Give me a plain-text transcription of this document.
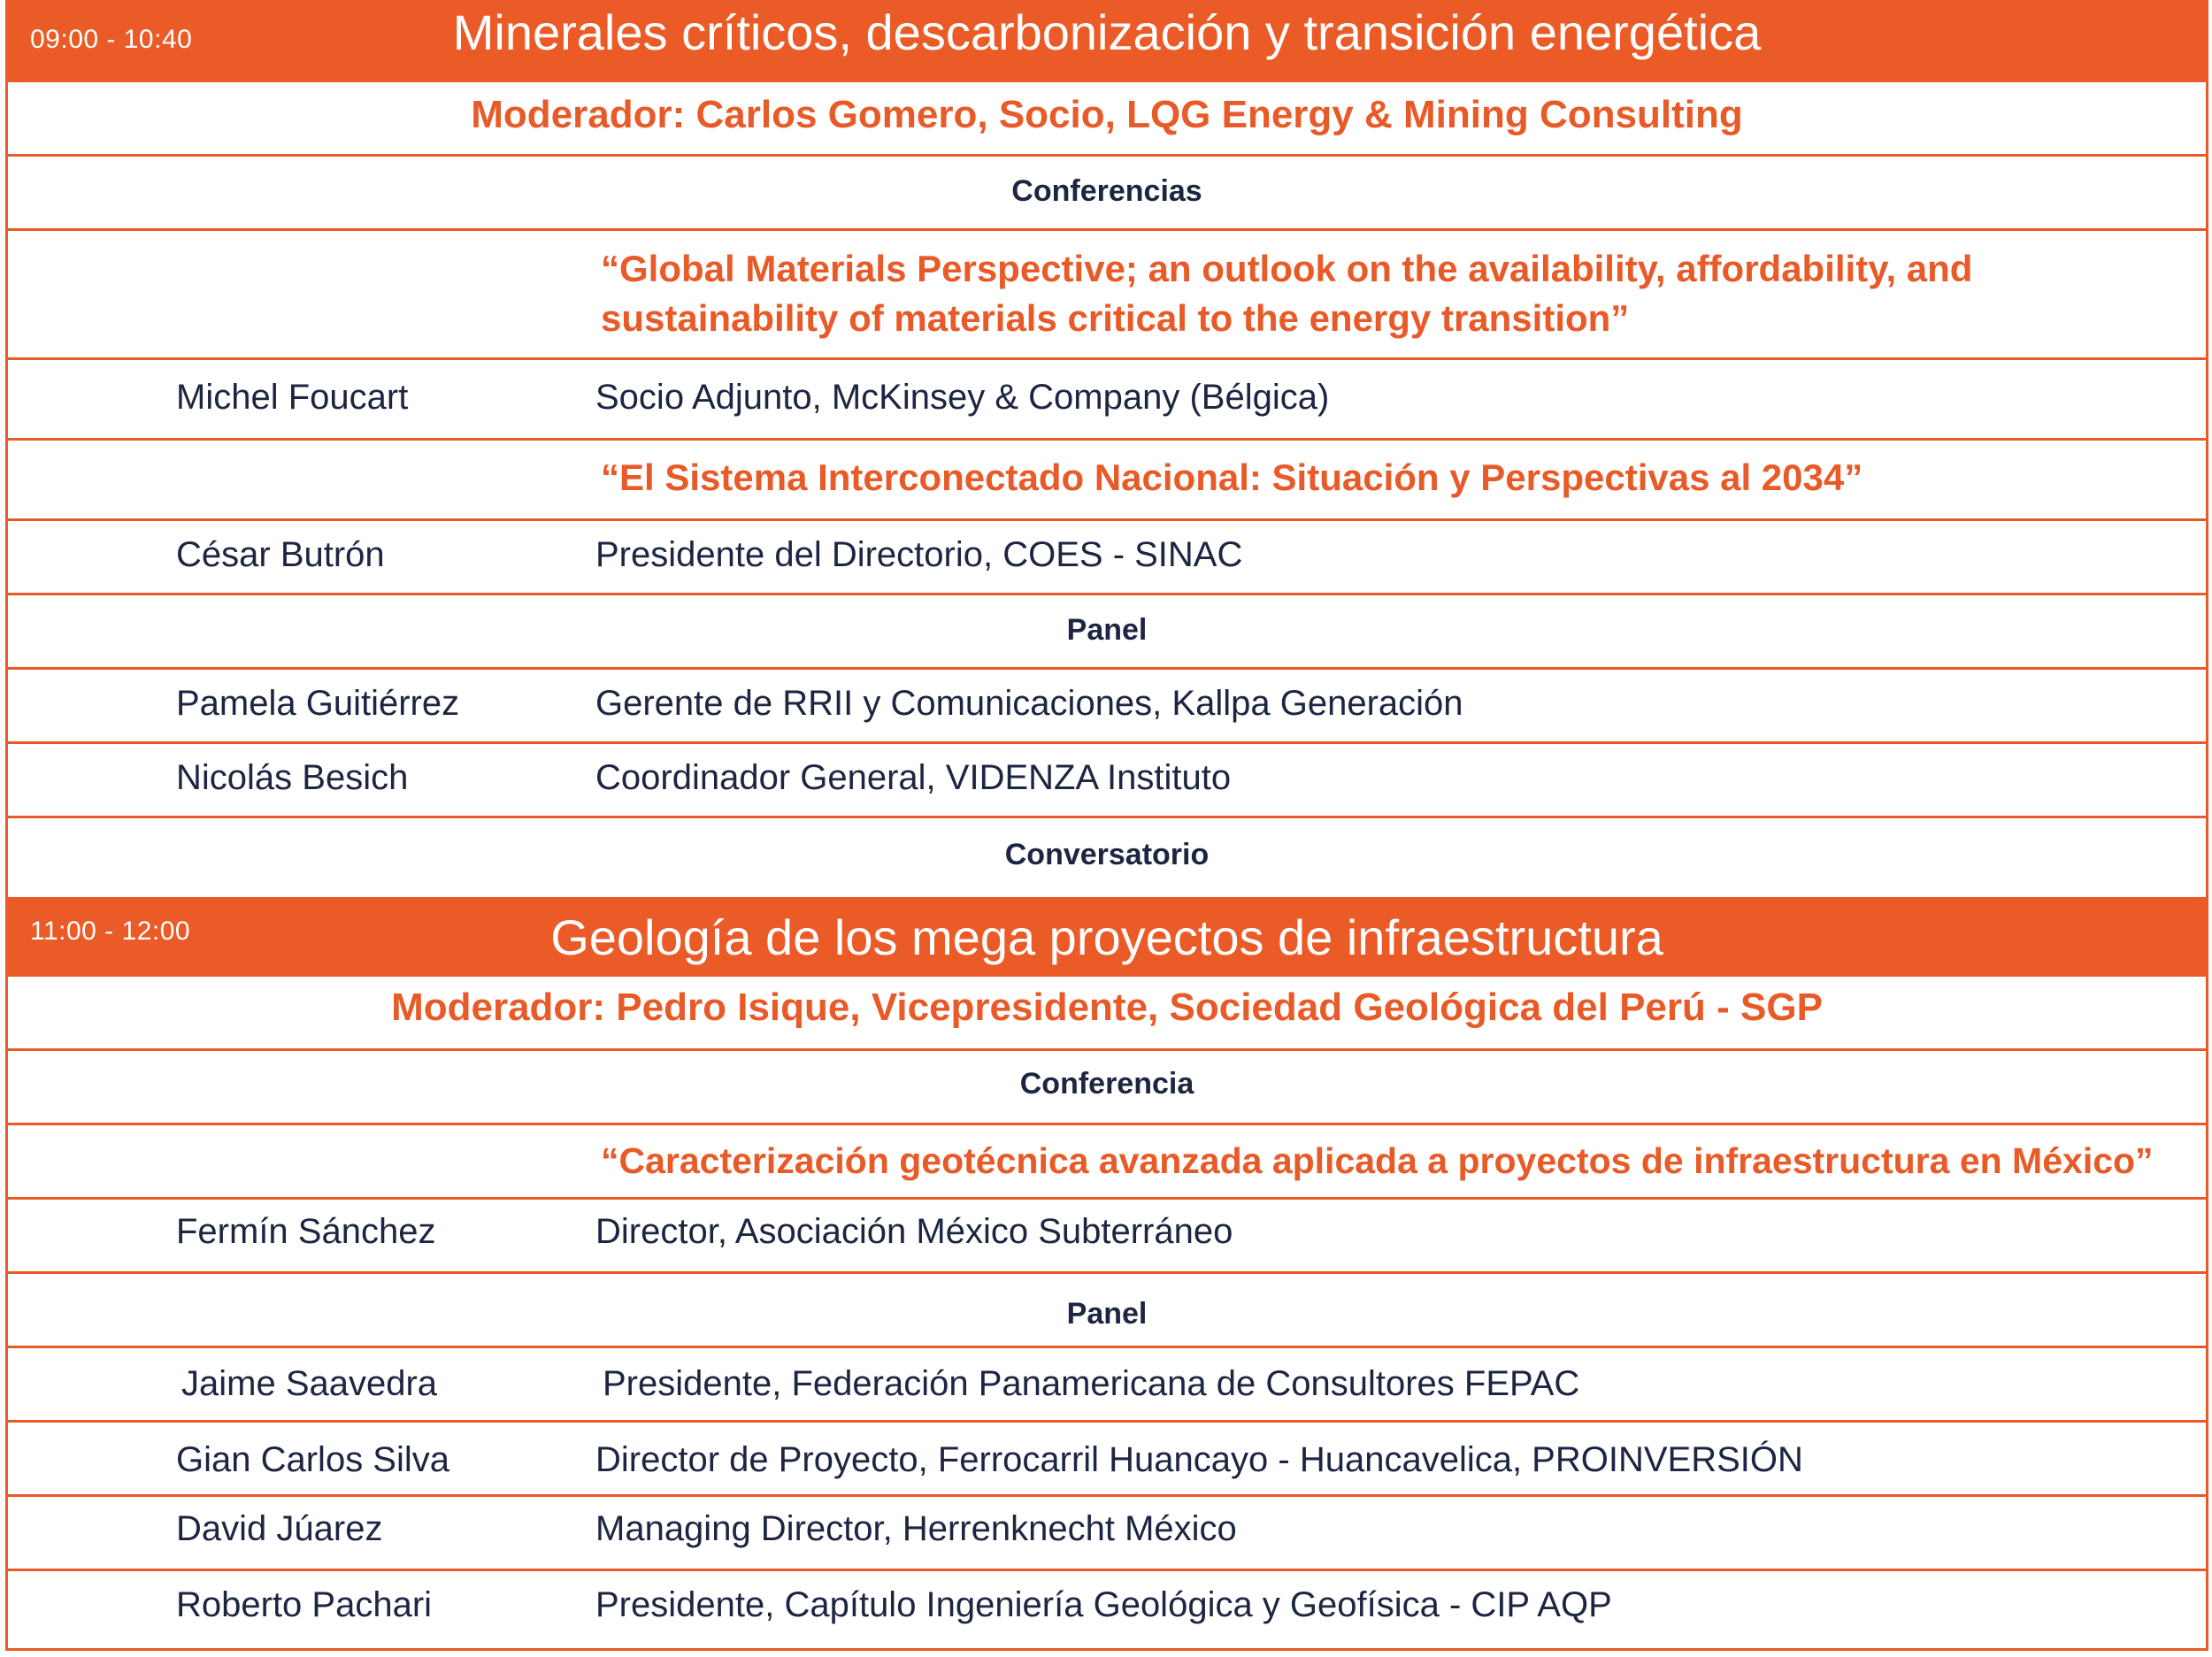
09:00 - 10:40	Minerales críticos, descarbonización y transición energética
Moderador: Carlos Gomero, Socio, LQG Energy & Mining Consulting
Conferencias
“Global Materials Perspective; an outlook on the availability, affordability, and sustainability of materials critical to the energy transition”
Michel Foucart	Socio Adjunto, McKinsey & Company (Bélgica)
“El Sistema Interconectado Nacional: Situación y Perspectivas al 2034”
César Butrón	Presidente del Directorio, COES - SINAC
Panel
Pamela Guitiérrez	Gerente de RRII y Comunicaciones, Kallpa Generación
Nicolás Besich	Coordinador General, VIDENZA Instituto
Conversatorio
11:00 - 12:00	Geología de los mega proyectos de infraestructura
Moderador: Pedro Isique, Vicepresidente, Sociedad Geológica del Perú - SGP
Conferencia
“Caracterización geotécnica avanzada aplicada a proyectos de infraestructura en México”
Fermín Sánchez	Director, Asociación México Subterráneo
Panel
Jaime Saavedra	Presidente, Federación Panamericana de Consultores FEPAC
Gian Carlos Silva	Director de Proyecto, Ferrocarril Huancayo - Huancavelica, PROINVERSIÓN
David Júarez	Managing Director, Herrenknecht México
Roberto Pachari	Presidente, Capítulo Ingeniería Geológica y Geofísica - CIP AQP
